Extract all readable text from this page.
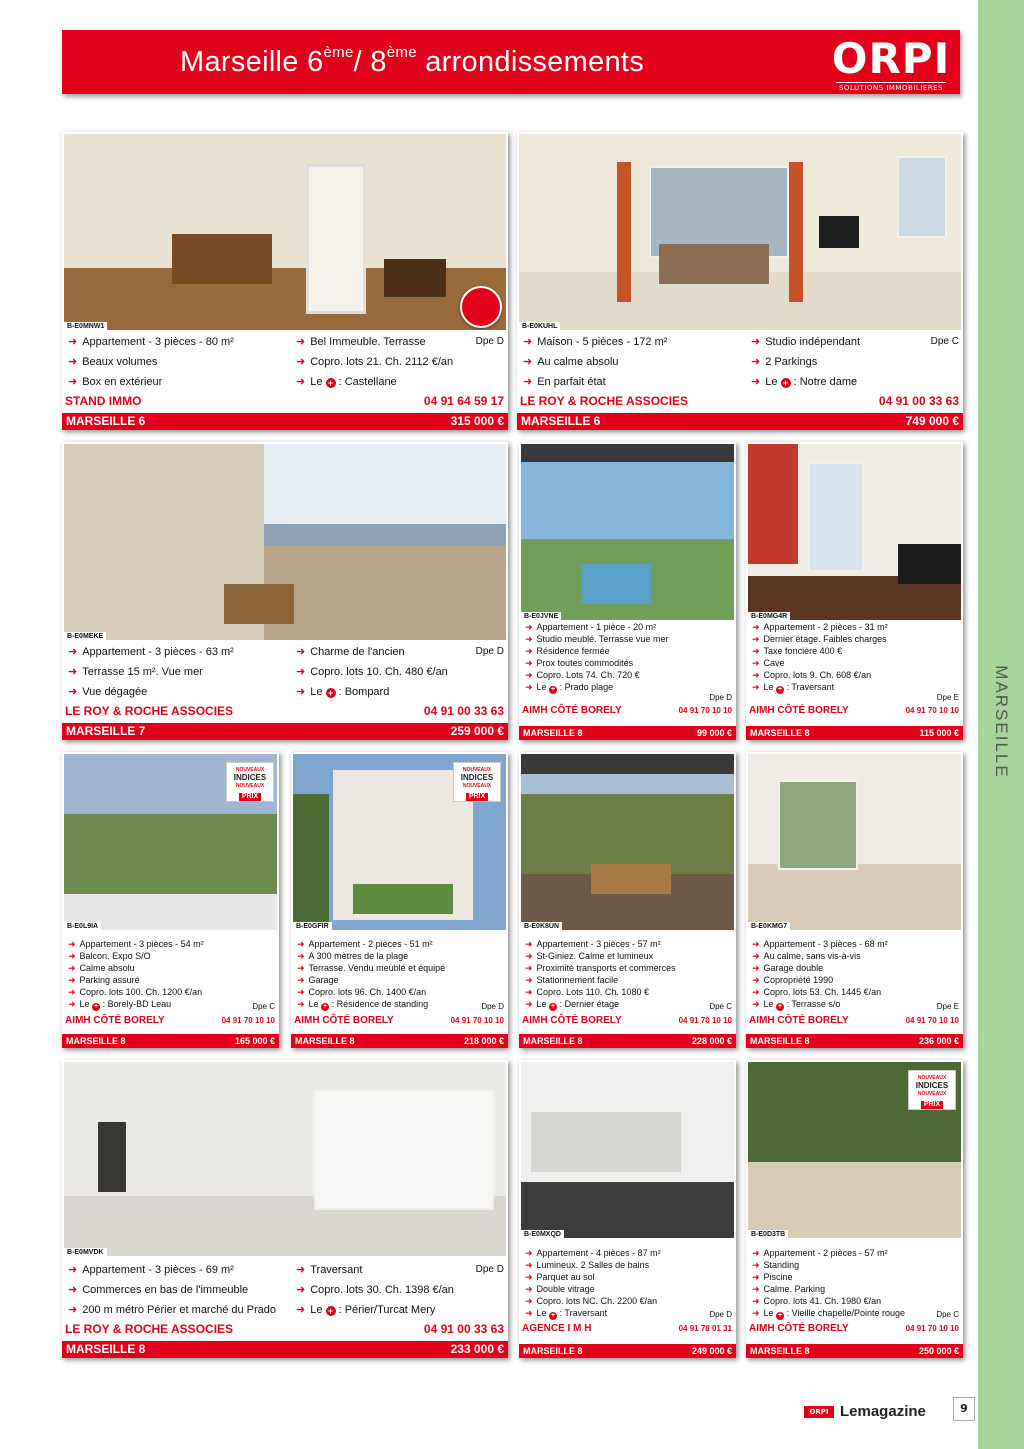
Marseille 6ème/ 8ème arrondissements	ORPI
SOLUTIONS IMMOBILIERES
MARSEILLE
B-E0MNW1
➜ Appartement - 3 pièces - 80 m²
➜ Beaux volumes
➜ Box en extérieur
➜ Bel Immeuble. Terrasse
➜ Copro. lots 21. Ch. 2112 €/an
➜ Le + : Castellane
Dpe D
STAND IMMO	04 91 64 59 17
MARSEILLE 6	315 000 €
B-E0KUHL
➜ Maison - 5 pièces - 172 m²
➜ Au calme absolu
➜ En parfait état
➜ Studio indépendant
➜ 2 Parkings
➜ Le + : Notre dame
Dpe C
LE ROY & ROCHE ASSOCIES	04 91 00 33 63
MARSEILLE 6	749 000 €
B-E0MEKE
➜ Appartement - 3 pièces - 63 m²
➜ Terrasse 15 m². Vue mer
➜ Vue dégagée
➜ Charme de l'ancien
➜ Copro. lots 10. Ch. 480 €/an
➜ Le + : Bompard
Dpe D
LE ROY & ROCHE ASSOCIES	04 91 00 33 63
MARSEILLE 7	259 000 €
B-E0JVNE
➜ Appartement - 1 pièce - 20 m²
➜ Studio meublé. Terrasse vue mer
➜ Résidence fermée
➜ Prox toutes commodités
➜ Copro. Lots 74. Ch. 720 €
➜ Le + : Prado plage
Dpe D
AIMH CÔTÉ BORELY	04 91 70 10 10
MARSEILLE 8	99 000 €
B-E0MG4R
➜ Appartement - 2 pièces - 31 m²
➜ Dernier étage. Faibles charges
➜ Taxe foncière 400 €
➜ Cave
➜ Copro. lots 9. Ch. 608 €/an
➜ Le + : Traversant
Dpe E
AIMH CÔTÉ BORELY	04 91 70 10 10
MARSEILLE 8	115 000 €
NOUVEAUX
INDICES
NOUVEAUX
PRIX
B-E0L9IA
➜ Appartement - 3 pièces - 54 m²
➜ Balcon. Expo S/O
➜ Calme absolu
➜ Parking assuré
➜ Copro. lots 100. Ch. 1200 €/an
➜ Le + : Borely-BD Leau	Dpe C
AIMH CÔTÉ BORELY	04 91 70 10 10
MARSEILLE 8	165 000 €
NOUVEAUX
INDICES
NOUVEAUX
PRIX
B-E0GFIR
➜ Appartement - 2 pièces - 51 m²
➜ A 300 mètres de la plage
➜ Terrasse. Vendu meublé et équipé
➜ Garage
➜ Copro. lots 96. Ch. 1400 €/an
➜ Le + : Résidence de standing	Dpe D
AIMH CÔTÉ BORELY	04 91 70 10 10
MARSEILLE 8	218 000 €
B-E0K8UN
➜ Appartement - 3 pièces - 57 m²
➜ St-Giniez. Calme et lumineux
➜ Proximité transports et commerces
➜ Stationnement facile
➜ Copro. Lots 110. Ch. 1080 €
➜ Le + : Dernier étage	Dpe C
AIMH CÔTÉ BORELY	04 91 70 10 10
MARSEILLE 8	228 000 €
B-E0KMG7
➜ Appartement - 3 pièces - 68 m²
➜ Au calme, sans vis-à-vis
➜ Garage double
➜ Copropriété 1990
➜ Copro. lots 53. Ch. 1445 €/an
➜ Le + : Terrasse s/o	Dpe E
AIMH CÔTÉ BORELY	04 91 70 10 10
MARSEILLE 8	236 000 €
B-E0MVDK
➜ Appartement - 3 pièces - 69 m²
➜ Commerces en bas de l'immeuble
➜ 200 m métro Périer et marché du Prado
➜ Traversant
➜ Copro. lots 30. Ch. 1398 €/an
➜ Le + : Périer/Turcat Mery
Dpe D
LE ROY & ROCHE ASSOCIES	04 91 00 33 63
MARSEILLE 8	233 000 €
B-E0MXQD
➜ Appartement - 4 pièces - 87 m²
➜ Lumineux. 2 Salles de bains
➜ Parquet au sol
➜ Double vitrage
➜ Copro. lots NC. Ch. 2200 €/an
➜ Le + : Traversant	Dpe D
AGENCE I M H	04 91 78 01 31
MARSEILLE 8	249 000 €
NOUVEAUX
INDICES
NOUVEAUX
PRIX
B-E0D3TB
➜ Appartement - 2 pièces - 57 m²
➜ Standing
➜ Piscine
➜ Calme. Parking
➜ Copro. lots 41. Ch. 1980 €/an
➜ Le + : Vieille chapelle/Pointe rouge	Dpe C
AIMH CÔTÉ BORELY	04 91 70 10 10
MARSEILLE 8	250 000 €
ORPI Lemagazine	9
